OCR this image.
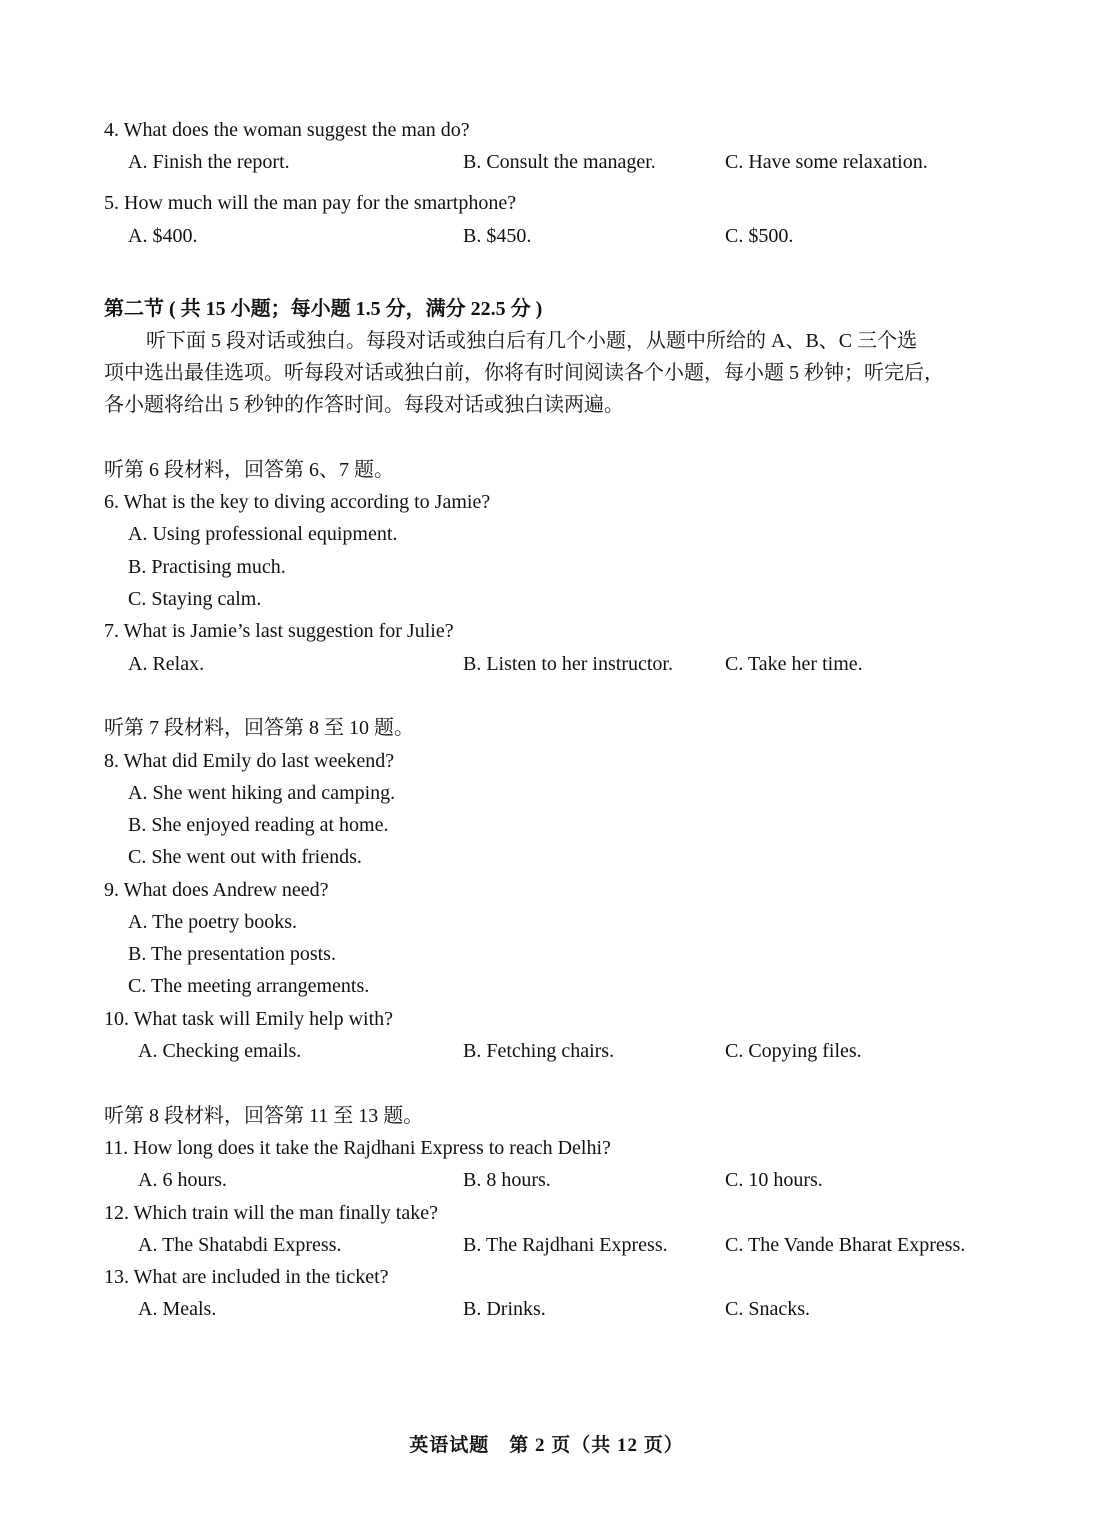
4. What does the woman suggest the man do?
A. Finish the report.	B. Consult the manager.	C. Have some relaxation.
5. How much will the man pay for the smartphone?
A. $400.	B. $450.	C. $500.
第二节 ( 共 15 小题；每小题 1.5 分，满分 22.5 分 )
听下面 5 段对话或独白。每段对话或独白后有几个小题，从题中所给的 A、B、C 三个选
项中选出最佳选项。听每段对话或独白前，你将有时间阅读各个小题，每小题 5 秒钟；听完后，
各小题将给出 5 秒钟的作答时间。每段对话或独白读两遍。
听第 6 段材料，回答第 6、7 题。
6. What is the key to diving according to Jamie?
A. Using professional equipment.
B. Practising much.
C. Staying calm.
7. What is Jamie’s last suggestion for Julie?
A. Relax.	B. Listen to her instructor.	C. Take her time.
听第 7 段材料，回答第 8 至 10 题。
8. What did Emily do last weekend?
A. She went hiking and camping.
B. She enjoyed reading at home.
C. She went out with friends.
9. What does Andrew need?
A. The poetry books.
B. The presentation posts.
C. The meeting arrangements.
10. What task will Emily help with?
A. Checking emails.	B. Fetching chairs.	C. Copying files.
听第 8 段材料，回答第 11 至 13 题。
11. How long does it take the Rajdhani Express to reach Delhi?
A. 6 hours.	B. 8 hours.	C. 10 hours.
12. Which train will the man finally take?
A. The Shatabdi Express.	B. The Rajdhani Express.	C. The Vande Bharat Express.
13. What are included in the ticket?
A. Meals.	B. Drinks.	C. Snacks.
英语试题　第 2 页（共 12 页）
